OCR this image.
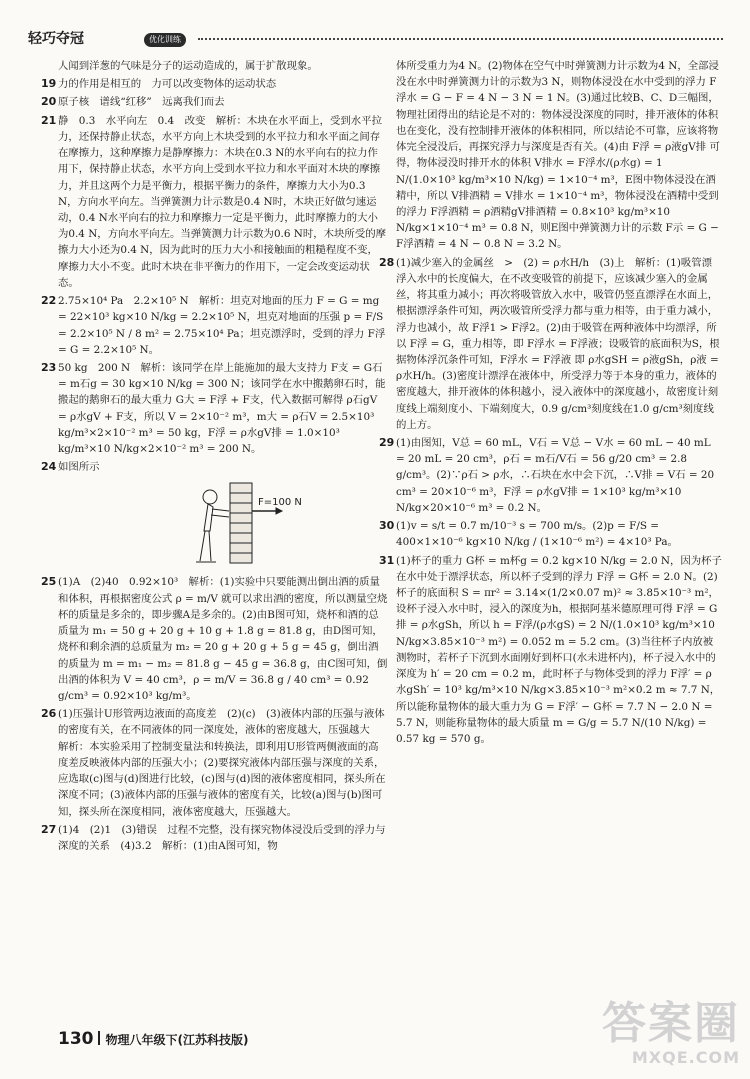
轻巧夺冠	优化训练

人闻到洋葱的气味是分子的运动造成的，属于扩散现象。

19 力的作用是相互的　力可以改变物体的运动状态
20 原子核　谱线“红移”　远离我们而去
21 静　0.3　水平向左　0.4　改变　解析：木块在水平面上，受到水平拉力，还保持静止状态，水平方向上木块受到的水平拉力和水平面之间存在摩擦力，这种摩擦力是静摩擦力：木块在0.3 N的水平向右的拉力作用下，保持静止状态，水平方向上受到水平拉力和水平面对木块的摩擦力，并且这两个力是平衡力，根据平衡力的条件，摩擦力大小为0.3 N，方向水平向左。当弹簧测力计示数是0.4 N时，木块正好做匀速运动，0.4 N水平向右的拉力和摩擦力一定是平衡力，此时摩擦力的大小为0.4 N，方向水平向左。当弹簧测力计示数为0.6 N时，木块所受的摩擦力大小还为0.4 N，因为此时的压力大小和接触面的粗糙程度不变，摩擦力大小不变。此时木块在非平衡力的作用下，一定会改变运动状态。
22 2.75×10⁴ Pa　2.2×10⁵ N　解析：坦克对地面的压力 F = G = mg = 22×10³ kg×10 N/kg = 2.2×10⁵ N，坦克对地面的压强 p = F/S = 2.2×10⁵ N / 8 m² = 2.75×10⁴ Pa；坦克漂浮时，受到的浮力 F浮 = G = 2.2×10⁵ N。
23 50 kg　200 N　解析：该同学在岸上能施加的最大支持力 F支 = G石 = m石g = 30 kg×10 N/kg = 300 N；该同学在水中搬鹅卵石时，能搬起的鹅卵石的最大重力 G大 = F浮 + F支，代入数据可解得 ρ石gV = ρ水gV + F支，所以 V = 2×10⁻² m³，m大 = ρ石V = 2.5×10³ kg/m³×2×10⁻² m³ = 50 kg，F浮 = ρ水gV排 = 1.0×10³ kg/m³×10 N/kg×2×10⁻² m³ = 200 N。
24 如图所示
F=100 N
25 (1)A　(2)40　0.92×10³　解析：(1)实验中只要能测出倒出酒的质量和体积，再根据密度公式 ρ = m/V 就可以求出酒的密度，所以测量空烧杯的质量是多余的，即步骤A是多余的。(2)由B图可知，烧杯和酒的总质量为 m₁ = 50 g + 20 g + 10 g + 1.8 g = 81.8 g，由D图可知，烧杯和剩余酒的总质量为 m₂ = 20 g + 20 g + 5 g = 45 g，倒出酒的质量为 m = m₁ − m₂ = 81.8 g − 45 g = 36.8 g，由C图可知，倒出酒的体积为 V = 40 cm³，ρ = m/V = 36.8 g / 40 cm³ = 0.92 g/cm³ = 0.92×10³ kg/m³。
26 (1)压强计U形管两边液面的高度差　(2)(c)　(3)液体内部的压强与液体的密度有关，在不同液体的同一深度处，液体的密度越大，压强越大　解析：本实验采用了控制变量法和转换法，即利用U形管两侧液面的高度差反映液体内部的压强大小；(2)要探究液体内部压强与深度的关系，应选取(c)图与(d)图进行比较，(c)图与(d)图的液体密度相同，探头所在深度不同；(3)液体内部的压强与液体的密度有关，比较(a)图与(b)图可知，探头所在深度相同，液体密度越大，压强越大。
27 (1)4　(2)1　(3)错误　过程不完整，没有探究物体浸没后受到的浮力与深度的关系　(4)3.2　解析：(1)由A图可知，物

体所受重力为4 N。(2)物体在空气中时弹簧测力计示数为4 N，全部浸没在水中时弹簧测力计的示数为3 N，则物体浸没在水中受到的浮力 F浮水 = G − F = 4 N − 3 N = 1 N。(3)通过比较B、C、D三幅图，物理社团得出的结论是不对的：物体浸没深度的同时，排开液体的体积也在变化，没有控制排开液体的体积相同，所以结论不可靠，应该将物体完全浸没后，再探究浮力与深度是否有关。(4)由 F浮 = ρ液gV排 可得，物体浸没时排开水的体积 V排水 = F浮水/(ρ水g) = 1 N/(1.0×10³ kg/m³×10 N/kg) = 1×10⁻⁴ m³，E图中物体浸没在酒精中，所以 V排酒精 = V排水 = 1×10⁻⁴ m³，物体浸没在酒精中受到的浮力 F浮酒精 = ρ酒精gV排酒精 = 0.8×10³ kg/m³×10 N/kg×1×10⁻⁴ m³ = 0.8 N，则E图中弹簧测力计的示数 F示 = G − F浮酒精 = 4 N − 0.8 N = 3.2 N。

28 (1)减少塞入的金属丝　>　(2) = ρ水H/h　(3)上　解析：(1)吸管漂浮入水中的长度偏大，在不改变吸管的前提下，应该减少塞入的金属丝，将其重力减小；再次将吸管放入水中，吸管仍竖直漂浮在水面上，根据漂浮条件可知，两次吸管所受浮力都与重力相等，由于重力减小，浮力也减小，故 F浮1 > F浮2。(2)由于吸管在两种液体中均漂浮，所以 F浮 = G，重力相等，即 F浮水 = F浮液；设吸管的底面积为S，根据物体浮沉条件可知，F浮水 = F浮液 即 ρ水gSH = ρ液gSh，ρ液 = ρ水H/h。(3)密度计漂浮在液体中，所受浮力等于本身的重力，液体的密度越大，排开液体的体积越小，浸入液体中的深度越小，故密度计刻度线上端刻度小、下端刻度大，0.9 g/cm³刻度线在1.0 g/cm³刻度线的上方。
29 (1)由图知，V总 = 60 mL，V石 = V总 − V水 = 60 mL − 40 mL = 20 mL = 20 cm³，ρ石 = m石/V石 = 56 g/20 cm³ = 2.8 g/cm³。(2)∵ρ石 > ρ水，∴石块在水中会下沉，∴V排 = V石 = 20 cm³ = 20×10⁻⁶ m³，F浮 = ρ水gV排 = 1×10³ kg/m³×10 N/kg×20×10⁻⁶ m³ = 0.2 N。
30 (1)v = s/t = 0.7 m/10⁻³ s = 700 m/s。(2)p = F/S = 400×1×10⁻⁶ kg×10 N/kg / (1×10⁻⁶ m²) = 4×10³ Pa。
31 (1)杯子的重力 G杯 = m杯g = 0.2 kg×10 N/kg = 2.0 N，因为杯子在水中处于漂浮状态，所以杯子受到的浮力 F浮 = G杯 = 2.0 N。(2)杯子的底面积 S = πr² = 3.14×(1/2×0.07 m)² ≈ 3.85×10⁻³ m²，设杯子浸入水中时，浸入的深度为h，根据阿基米德原理可得 F浮 = G排 = ρ水gSh，所以 h = F浮/(ρ水gS) = 2 N/(1.0×10³ kg/m³×10 N/kg×3.85×10⁻³ m²) = 0.052 m = 5.2 cm。(3)当往杯子内放被测物时，若杯子下沉到水面刚好到杯口(水未进杯内)，杯子浸入水中的深度为 h′ = 20 cm = 0.2 m，此时杯子与物体受到的浮力 F浮′ = ρ水gSh′ = 10³ kg/m³×10 N/kg×3.85×10⁻³ m²×0.2 m ≈ 7.7 N，所以能称量物体的最大重力为 G = F浮′ − G杯 = 7.7 N − 2.0 N = 5.7 N，则能称量物体的最大质量 m = G/g = 5.7 N/(10 N/kg) = 0.57 kg = 570 g。
130 物理八年级下(江苏科技版)	答案圈
MXQE.COM
